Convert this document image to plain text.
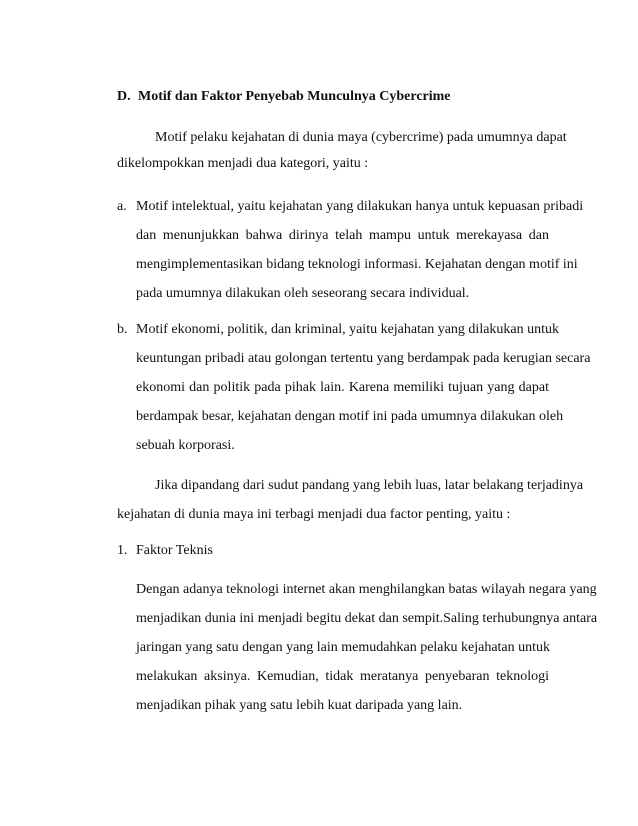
D. Motif dan Faktor Penyebab Munculnya Cybercrime
Motif pelaku kejahatan di dunia maya (cybercrime) pada umumnya dapat
dikelompokkan menjadi dua kategori, yaitu :
a. Motif intelektual, yaitu kejahatan yang dilakukan hanya untuk kepuasan pribadi
dan menunjukkan bahwa dirinya telah mampu untuk merekayasa dan
mengimplementasikan bidang teknologi informasi. Kejahatan dengan motif ini
pada umumnya dilakukan oleh seseorang secara individual.
b. Motif ekonomi, politik, dan kriminal, yaitu kejahatan yang dilakukan untuk
keuntungan pribadi atau golongan tertentu yang berdampak pada kerugian secara
ekonomi dan politik pada pihak lain. Karena memiliki tujuan yang dapat
berdampak besar, kejahatan dengan motif ini pada umumnya dilakukan oleh
sebuah korporasi.
Jika dipandang dari sudut pandang yang lebih luas, latar belakang terjadinya
kejahatan di dunia maya ini terbagi menjadi dua factor penting, yaitu :
1. Faktor Teknis
Dengan adanya teknologi internet akan menghilangkan batas wilayah negara yang
menjadikan dunia ini menjadi begitu dekat dan sempit.Saling terhubungnya antara
jaringan yang satu dengan yang lain memudahkan pelaku kejahatan untuk
melakukan aksinya. Kemudian, tidak meratanya penyebaran teknologi
menjadikan pihak yang satu lebih kuat daripada yang lain.
